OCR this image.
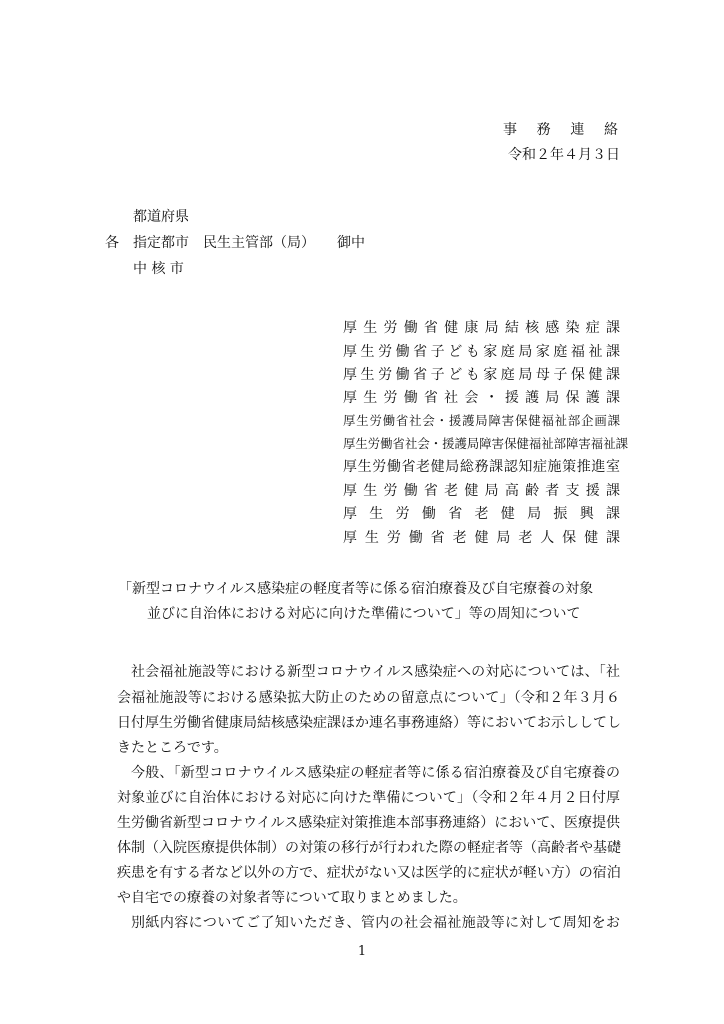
事　務　連　絡
令和２年４月３日
都道府県
各 指定都市　民生主管部（局） 御中
中 核 市
厚生労働省健康局結核感染症課
厚生労働省子ども家庭局家庭福祉課
厚生労働省子ども家庭局母子保健課
厚生労働省社会・援護局保護課
厚生労働省社会・援護局障害保健福祉部企画課
厚生労働省社会・援護局障害保健福祉部障害福祉課
厚生労働省老健局総務課認知症施策推進室
厚生労働省老健局高齢者支援課
厚生労働省老健局振興課
厚生労働省老健局老人保健課
「新型コロナウイルス感染症の軽度者等に係る宿泊療養及び自宅療養の対象
並びに自治体における対応に向けた準備について」等の周知について
社会福祉施設等における新型コロナウイルス感染症への対応については、「社
会福祉施設等における感染拡大防止のための留意点について」（令和２年３月６
日付厚生労働省健康局結核感染症課ほか連名事務連絡）等においてお示ししてし
きたところです。
今般、「新型コロナウイルス感染症の軽症者等に係る宿泊療養及び自宅療養の
対象並びに自治体における対応に向けた準備について」（令和２年４月２日付厚
生労働省新型コロナウイルス感染症対策推進本部事務連絡）において、医療提供
体制（入院医療提供体制）の対策の移行が行われた際の軽症者等（高齢者や基礎
疾患を有する者など以外の方で、症状がない又は医学的に症状が軽い方）の宿泊
や自宅での療養の対象者等について取りまとめました。
別紙内容についてご了知いただき、管内の社会福祉施設等に対して周知をお
1
